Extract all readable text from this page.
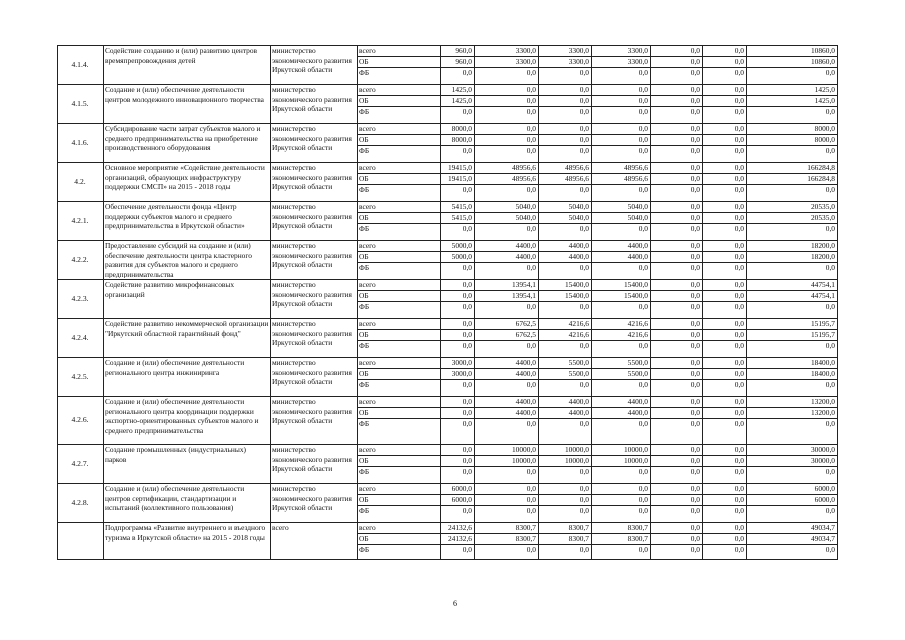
4.1.4.
Содействие созданию и (или) развитию центров времяпрепровождения детей
министерство экономического развития Иркутской области
всего	960,0	3300,0	3300,0	3300,0	0,0	0,0	10860,0
ОБ	960,0	3300,0	3300,0	3300,0	0,0	0,0	10860,0
ФБ	0,0	0,0	0,0	0,0	0,0	0,0	0,0
4.1.5.
Создание и (или) обеспечение деятельности центров молодежного инновационного творчества
министерство экономического развития Иркутской области
всего	1425,0	0,0	0,0	0,0	0,0	0,0	1425,0
ОБ	1425,0	0,0	0,0	0,0	0,0	0,0	1425,0
ФБ	0,0	0,0	0,0	0,0	0,0	0,0	0,0
4.1.6.
Субсидирование части затрат субъектов малого и среднего предпринимательства на приобретение производственного оборудования
министерство экономического развития Иркутской области
всего	8000,0	0,0	0,0	0,0	0,0	0,0	8000,0
ОБ	8000,0	0,0	0,0	0,0	0,0	0,0	8000,0
ФБ	0,0	0,0	0,0	0,0	0,0	0,0	0,0
4.2.
Основное мероприятие «Содействие деятельности организаций, образующих инфраструктуру поддержки СМСП» на 2015 - 2018 годы
министерство экономического развития Иркутской области
всего	19415,0	48956,6	48956,6	48956,6	0,0	0,0	166284,8
ОБ	19415,0	48956,6	48956,6	48956,6	0,0	0,0	166284,8
ФБ	0,0	0,0	0,0	0,0	0,0	0,0	0,0
4.2.1.
Обеспечение деятельности фонда «Центр поддержки субъектов малого и среднего предпринимательства в Иркутской области»
министерство экономического развития Иркутской области
всего	5415,0	5040,0	5040,0	5040,0	0,0	0,0	20535,0
ОБ	5415,0	5040,0	5040,0	5040,0	0,0	0,0	20535,0
ФБ	0,0	0,0	0,0	0,0	0,0	0,0	0,0
4.2.2.
Предоставление субсидий на создание и (или) обеспечение деятельности центра кластерного развития для субъектов малого и среднего предпринимательства
министерство экономического развития Иркутской области
всего	5000,0	4400,0	4400,0	4400,0	0,0	0,0	18200,0
ОБ	5000,0	4400,0	4400,0	4400,0	0,0	0,0	18200,0
ФБ	0,0	0,0	0,0	0,0	0,0	0,0	0,0
4.2.3.
Содействие развитию микрофинансовых организаций
министерство экономического развития Иркутской области
всего	0,0	13954,1	15400,0	15400,0	0,0	0,0	44754,1
ОБ	0,0	13954,1	15400,0	15400,0	0,0	0,0	44754,1
ФБ	0,0	0,0	0,0	0,0	0,0	0,0	0,0
4.2.4.
Содействие развитию некоммерческой организации "Иркутский областной гарантийный фонд"
министерство экономического развития Иркутской области
всего	0,0	6762,5	4216,6	4216,6	0,0	0,0	15195,7
ОБ	0,0	6762,5	4216,6	4216,6	0,0	0,0	15195,7
ФБ	0,0	0,0	0,0	0,0	0,0	0,0	0,0
4.2.5.
Создание и (или) обеспечение деятельности регионального центра инжиниринга
министерство экономического развития Иркутской области
всего	3000,0	4400,0	5500,0	5500,0	0,0	0,0	18400,0
ОБ	3000,0	4400,0	5500,0	5500,0	0,0	0,0	18400,0
ФБ	0,0	0,0	0,0	0,0	0,0	0,0	0,0
4.2.6.
Создание и (или) обеспечение деятельности регионального центра координации поддержки экспортно-ориентированных субъектов малого и среднего предпринимательства
министерство экономического развития Иркутской области
всего	0,0	4400,0	4400,0	4400,0	0,0	0,0	13200,0
ОБ	0,0	4400,0	4400,0	4400,0	0,0	0,0	13200,0
ФБ	0,0	0,0	0,0	0,0	0,0	0,0	0,0
4.2.7.
Создание промышленных (индустриальных) парков
министерство экономического развития Иркутской области
всего	0,0	10000,0	10000,0	10000,0	0,0	0,0	30000,0
ОБ	0,0	10000,0	10000,0	10000,0	0,0	0,0	30000,0
ФБ	0,0	0,0	0,0	0,0	0,0	0,0	0,0
4.2.8.
Создание и (или) обеспечение деятельности центров сертификации, стандартизации и испытаний (коллективного пользования)
министерство экономического развития Иркутской области
всего	6000,0	0,0	0,0	0,0	0,0	0,0	6000,0
ОБ	6000,0	0,0	0,0	0,0	0,0	0,0	6000,0
ФБ	0,0	0,0	0,0	0,0	0,0	0,0	0,0
Подпрограмма «Развитие внутреннего и въездного туризма в Иркутской области» на 2015 - 2018 годы
всего	всего	24132,6	8300,7	8300,7	8300,7	0,0	0,0	49034,7
ОБ	24132,6	8300,7	8300,7	8300,7	0,0	0,0	49034,7
ФБ	0,0	0,0	0,0	0,0	0,0	0,0	0,0
6
